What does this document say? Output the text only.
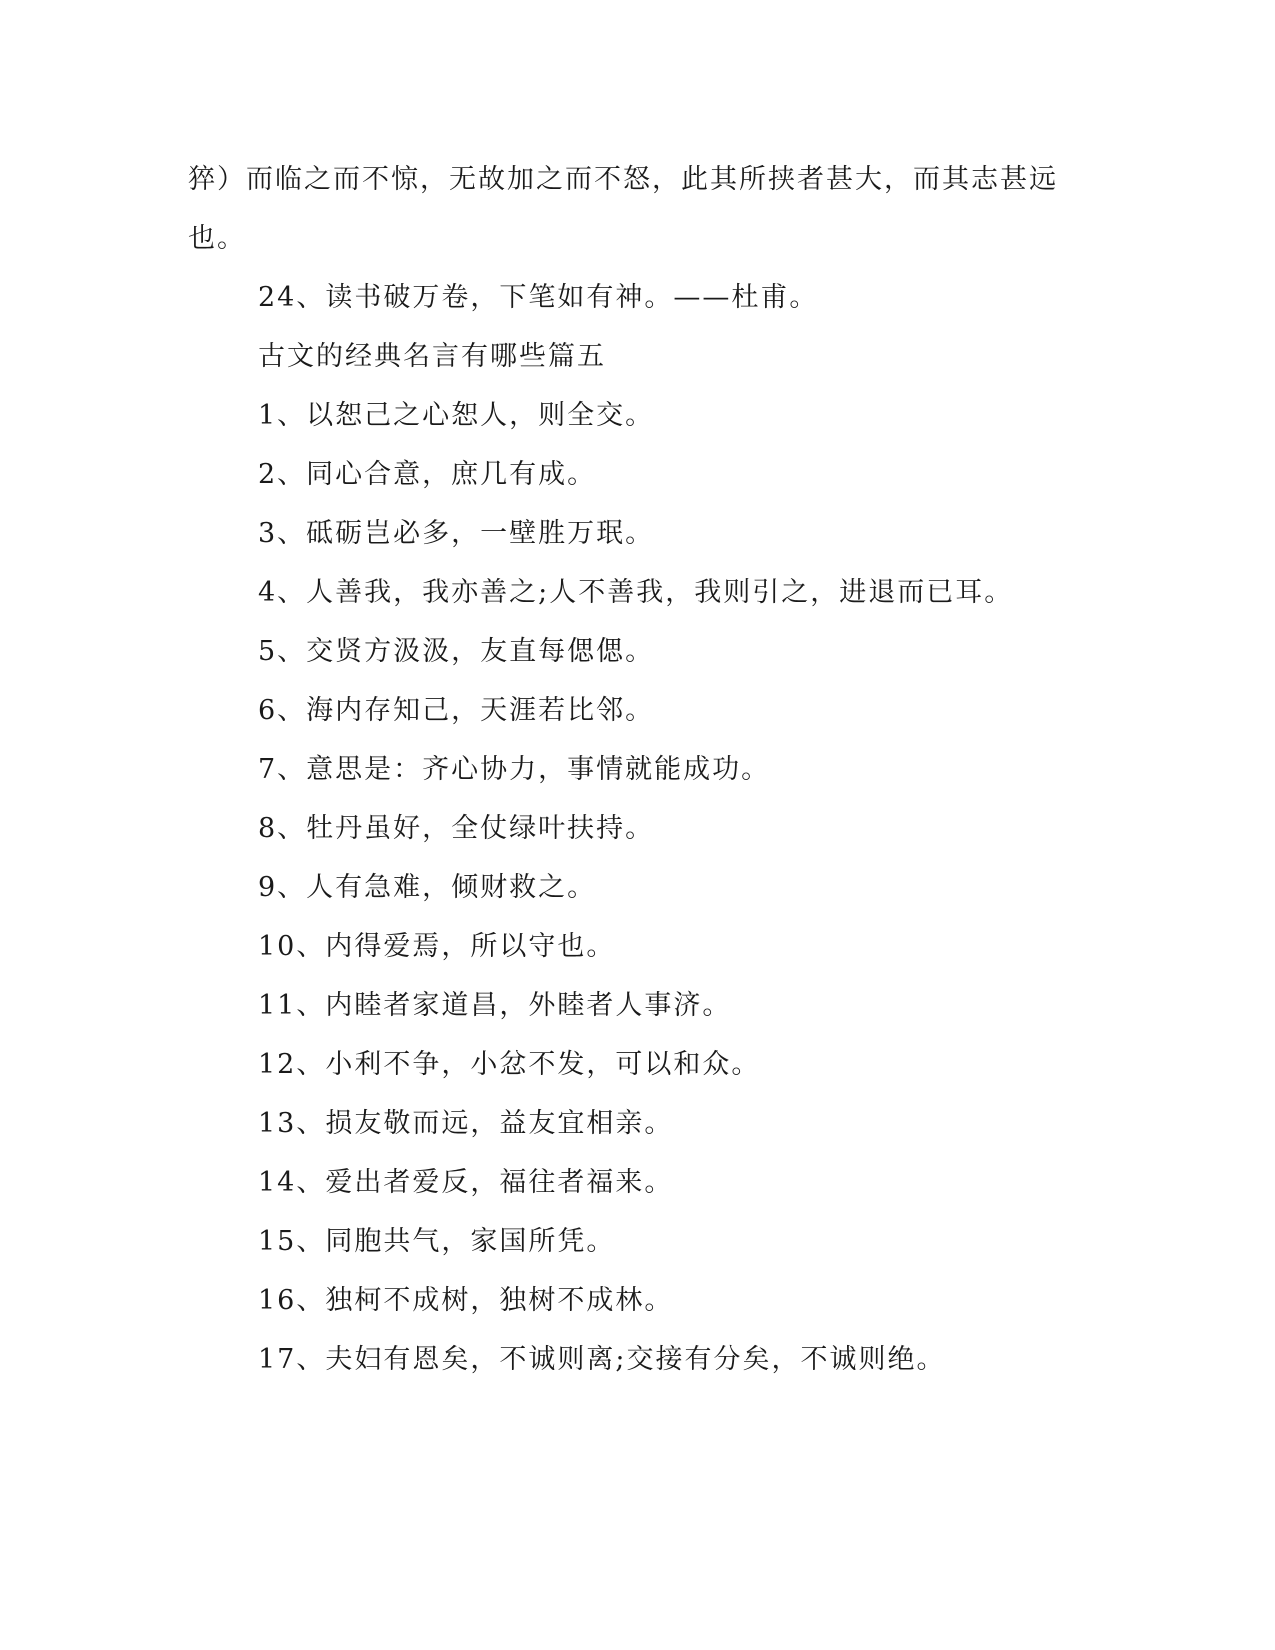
猝）而临之而不惊，无故加之而不怒，此其所挟者甚大，而其志甚远
也。
24、读书破万卷，下笔如有神。——杜甫。
古文的经典名言有哪些篇五
1、以恕己之心恕人，则全交。
2、同心合意，庶几有成。
3、砥砺岂必多，一壁胜万珉。
4、人善我，我亦善之;人不善我，我则引之，进退而已耳。
5、交贤方汲汲，友直每偲偲。
6、海内存知己，天涯若比邻。
7、意思是：齐心协力，事情就能成功。
8、牡丹虽好，全仗绿叶扶持。
9、人有急难，倾财救之。
10、内得爱焉，所以守也。
11、内睦者家道昌，外睦者人事济。
12、小利不争，小忿不发，可以和众。
13、损友敬而远，益友宜相亲。
14、爱出者爱反，福往者福来。
15、同胞共气，家国所凭。
16、独柯不成树，独树不成林。
17、夫妇有恩矣，不诚则离;交接有分矣，不诚则绝。
